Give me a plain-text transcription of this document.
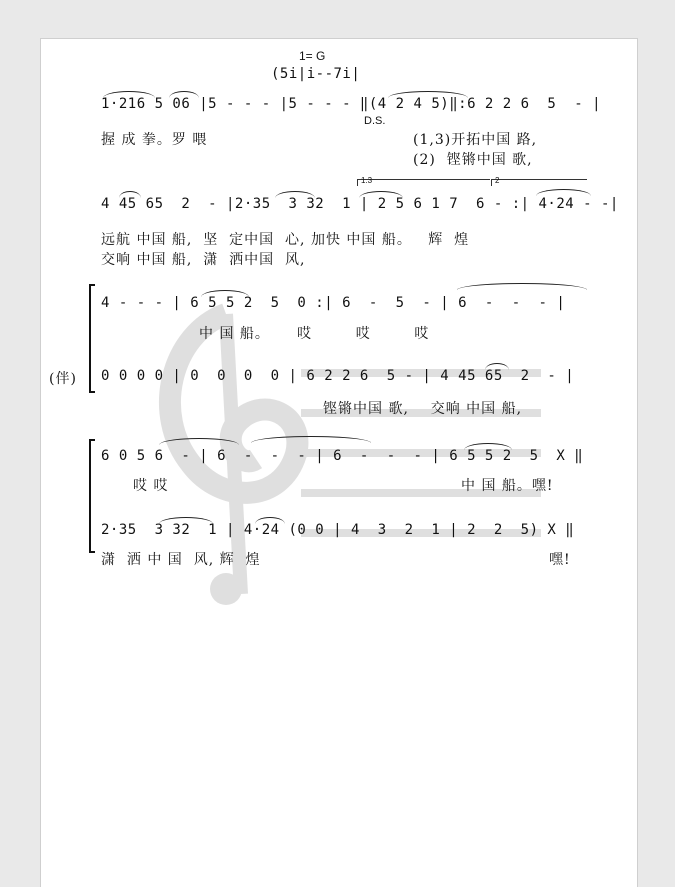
1= G
(5i|i--7i|
1·216 5 06 |5 - - - |5 - - - ‖(4 2 4 5)‖:6 2 2 6  5  - |
D.S.
握 成 拳。罗 喂	(1,3)开拓中国 路,
(2)  铿锵中国 歌,
1.3	2
4 45 65  2  - |2·35  3 32  1 | 2 5 6 1 7  6 - :| 4·24 - -|
远航 中国 船,  坚  定中国  心, 加快 中国 船。   辉  煌
交响 中国 船,  潇  洒中国  风,
4 - - - | 6 5 5 2  5  0 :| 6  -  5  - | 6  -  -  - |
中 国 船。     哎        哎        哎
(伴) 0 0 0 0 | 0  0  0  0 | 6 2 2 6  5 - | 4 45 65  2  - |
铿锵中国 歌,    交响 中国 船,
6 0 5 6  - | 6  -  -  - | 6  -  -  - | 6 5 5 2  5  X ‖
哎 哎	中 国 船。嘿!
2·35  3 32  1 | 4·24 (0 0 | 4  3  2  1 | 2  2  5) X ‖
潇  洒 中 国  风, 辉  煌	嘿!
